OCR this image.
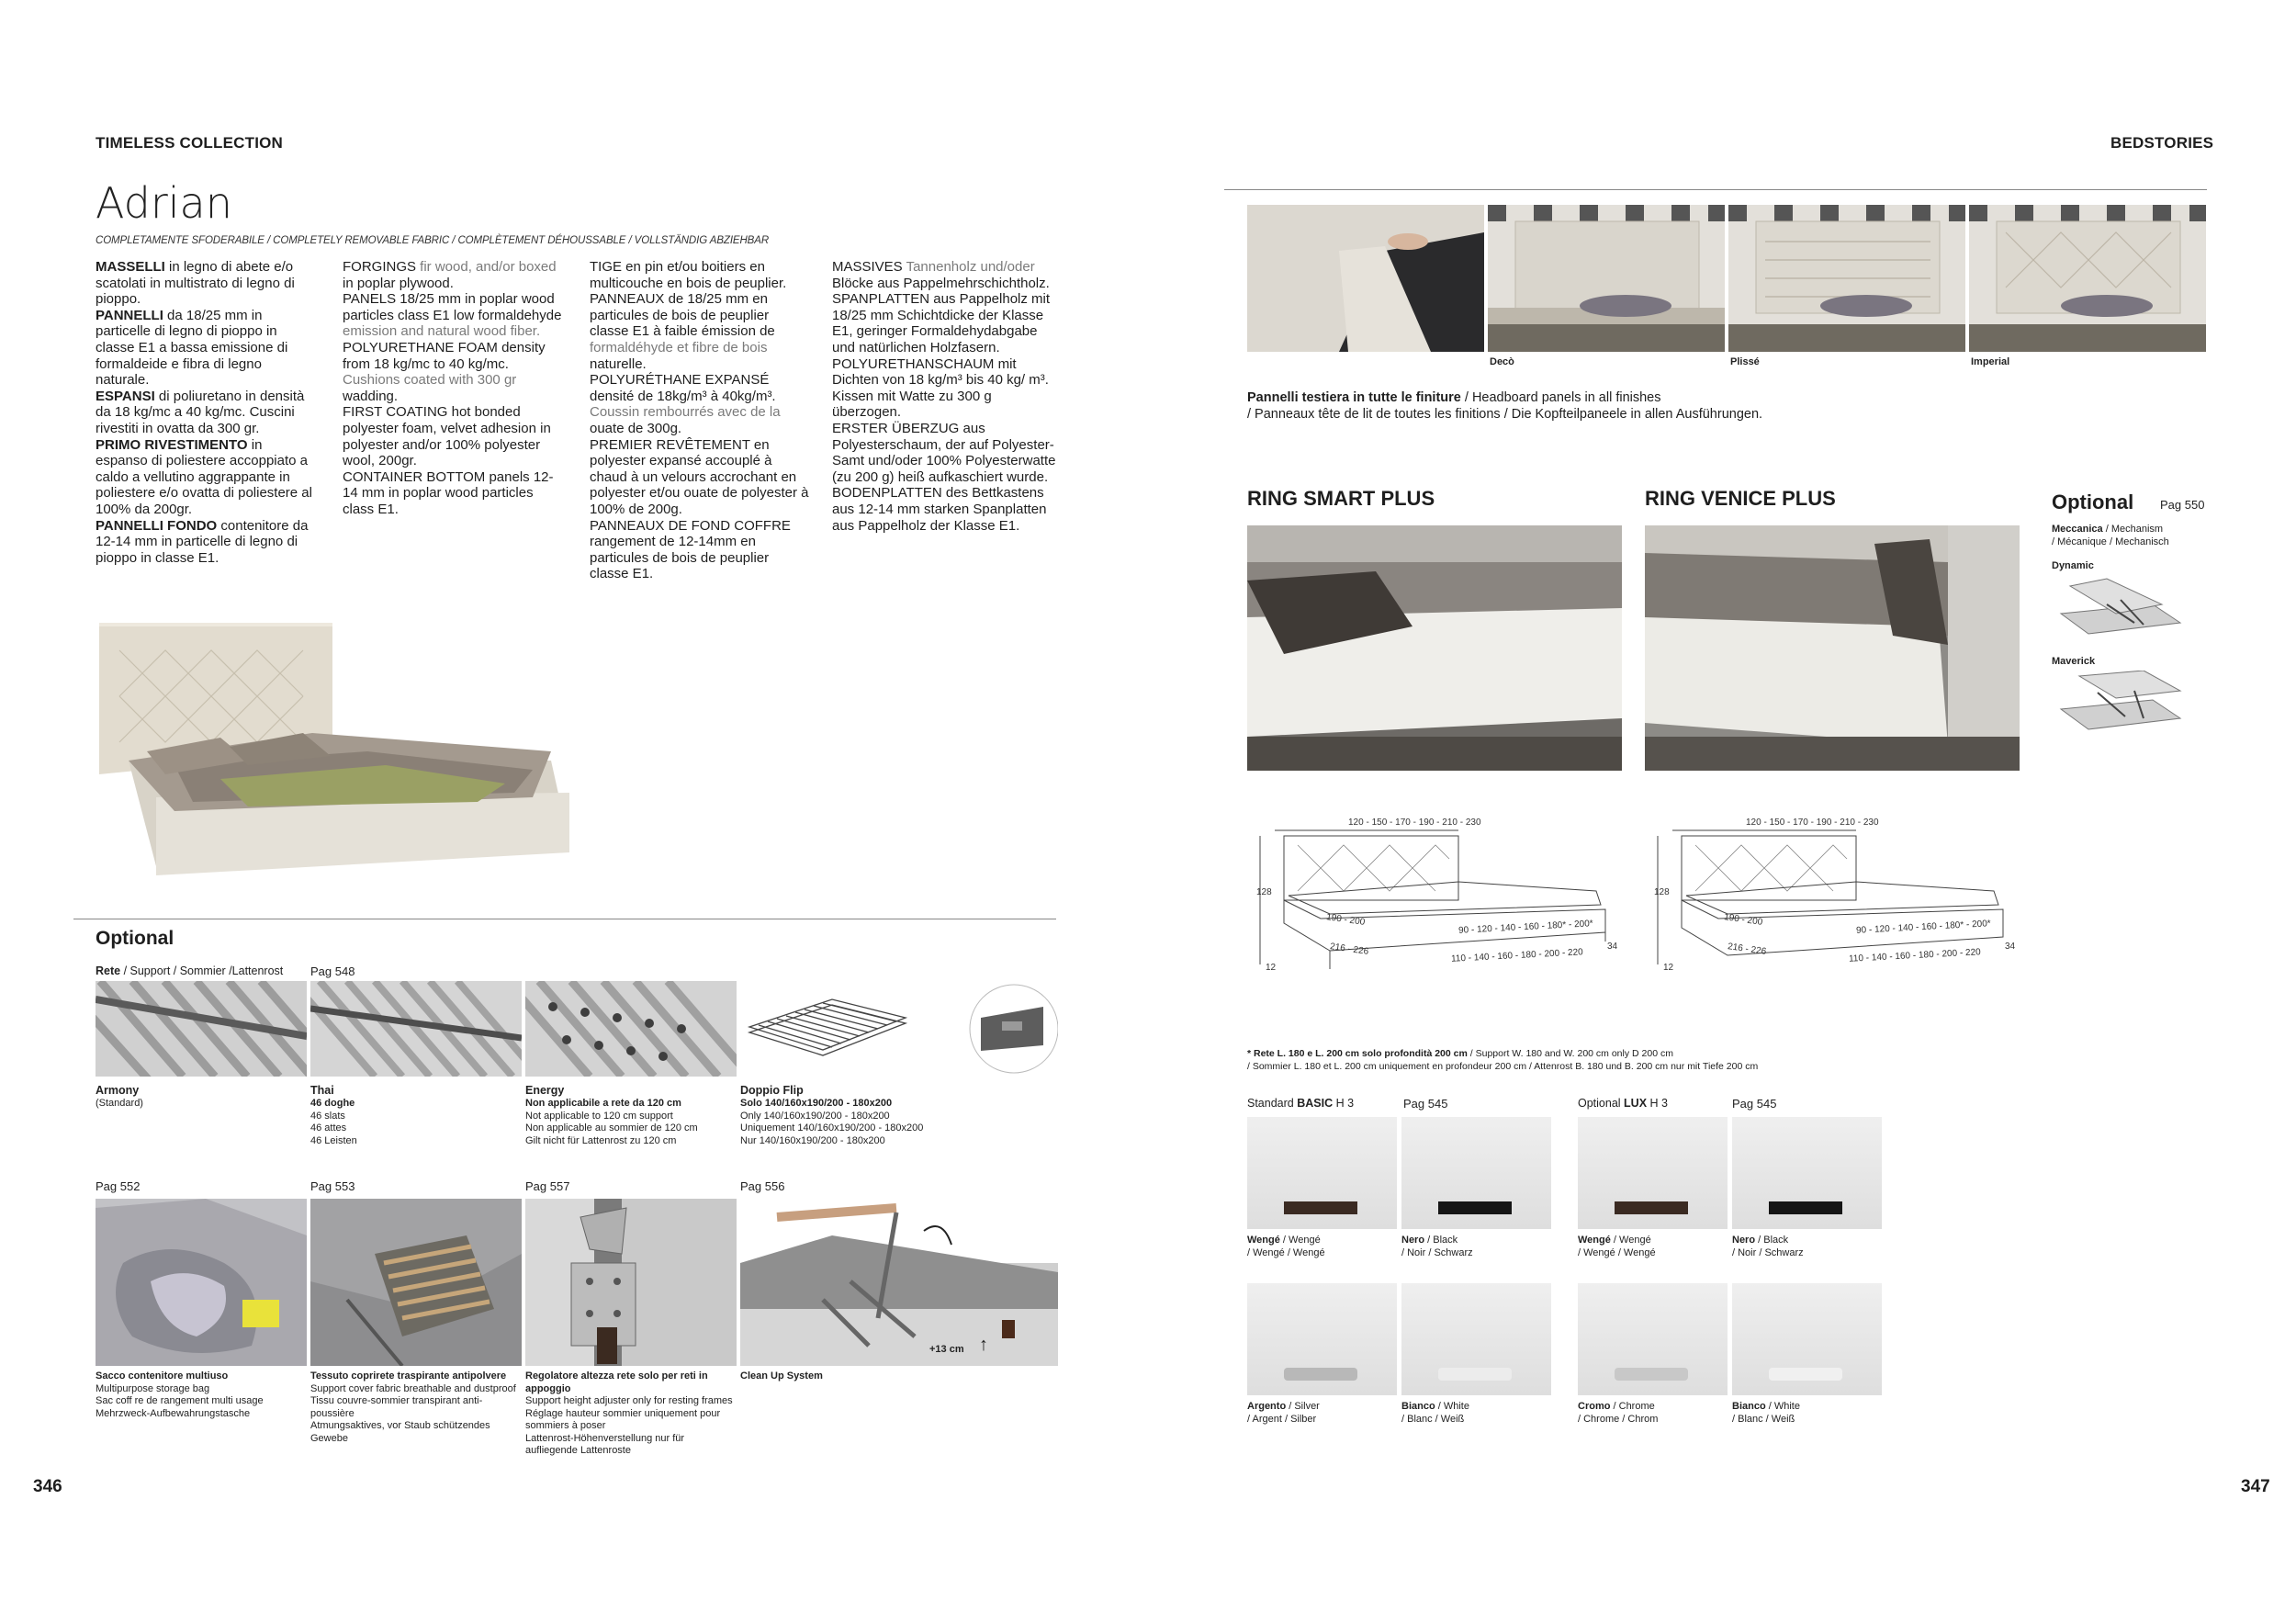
TIMELESS COLLECTION
Adrian
COMPLETAMENTE SFODERABILE / COMPLETELY REMOVABLE FABRIC / COMPLÈTEMENT DÉHOUSSABLE / VOLLSTÄNDIG ABZIEHBAR
MASSELLI in legno di abete e/o scatolati in multistrato di legno di pioppo.
PANNELLI da 18/25 mm in particelle di legno di pioppo in classe E1 a bassa emissione di formaldeide e fibra di legno naturale.
ESPANSI di poliuretano in densità da 18 kg/mc a 40 kg/mc. Cuscini rivestiti in ovatta da 300 gr.
PRIMO RIVESTIMENTO in espanso di poliestere accoppiato a caldo a vellutino aggrappante in poliestere e/o ovatta di poliestere al 100% da 200gr.
PANNELLI FONDO contenitore da 12-14 mm in particelle di legno di pioppo in classe E1.
FORGINGS fir wood, and/or boxed in poplar plywood.
PANELS 18/25 mm in poplar wood particles class E1 low formaldehyde emission and natural wood fiber.
POLYURETHANE FOAM density from 18 kg/mc to 40 kg/mc. Cushions coated with 300 gr wadding.
FIRST COATING hot bonded polyester foam, velvet adhesion in polyester and/or 100% polyester wool, 200gr.
CONTAINER BOTTOM panels 12-14 mm in poplar wood particles class E1.
TIGE en pin et/ou boitiers en multicouche en bois de peuplier.
PANNEAUX de 18/25 mm en particules de bois de peuplier classe E1 à faible émission de formaldéhyde et fibre de bois naturelle.
POLYURÉTHANE EXPANSÉ densité de 18kg/m³ à 40kg/m³. Coussin rembourrés avec de la ouate de 300g.
PREMIER REVÊTEMENT en polyester expansé accouplé à chaud à un velours accrochant en polyester et/ou ouate de polyester à 100% de 200g.
PANNEAUX DE FOND COFFRE rangement de 12-14mm en particules de bois de peuplier classe E1.
MASSIVES Tannenholz und/oder Blöcke aus Pappelmehrschichtholz.
SPANPLATTEN aus Pappelholz mit 18/25 mm Schichtdicke der Klasse E1, geringer Formaldehydabgabe und natürlichen Holzfasern.
POLYURETHANSCHAUM mit Dichten von 18 kg/m³ bis 40 kg/ m³. Kissen mit Watte zu 300 g überzogen.
ERSTER ÜBERZUG aus Polyesterschaum, der auf Polyester-Samt und/oder 100% Polyesterwatte (zu 200 g) heiß aufkaschiert wurde.
BODENPLATTEN des Bettkastens aus 12-14 mm starken Spanplatten aus Pappelholz der Klasse E1.
Optional
Rete / Support / Sommier /Lattenrost Pag 548
Armony
(Standard)
Thai
46 doghe
46 slats
46 attes
46 Leisten
Energy
Non applicabile a rete da 120 cm
Not applicable to 120 cm support
Non applicable au sommier de 120 cm
Gilt nicht für Lattenrost zu 120 cm
Doppio Flip
Solo 140/160x190/200 - 180x200
Only 140/160x190/200 - 180x200
Uniquement 140/160x190/200 - 180x200
Nur 140/160x190/200 - 180x200
Pag 552	Pag 553	Pag 557	Pag 556
+13 cm ↑
Sacco contenitore multiuso
Multipurpose storage bag
Sac coff re de rangement multi usage
Mehrzweck-Aufbewahrungstasche
Tessuto copriretе traspirante antipolvere
Support cover fabric breathable and dustproof
Tissu couvre-sommier transpirant anti-
poussière
Atmungsaktives, vor Staub schützendes
Gewebe
Regolatore altezza rete solo per reti in appoggio
Support height adjuster only for resting frames
Réglage hauteur sommier uniquement pour
sommiers à poser
Lattenrost-Höhenverstellung nur für
aufliegende Lattenroste
Clean Up System
346
BEDSTORIES
Decò	Plissé	Imperial
Pannelli testiera in tutte le finiture / Headboard panels in all finishes
/ Panneaux tête de lit de toutes les finitions / Die Kopfteilpaneele in allen Ausführungen.
RING SMART PLUS	RING VENICE PLUS	Optional Pag 550
Meccanica / Mechanism
/ Mécanique / Mechanisch
Dynamic
Maverick
120 - 150 - 170 - 190 - 210 - 230
128
12
190 - 200
216 - 226
90 - 120 - 140 - 160 - 180* - 200*
34
110 - 140 - 160 - 180 - 200 - 220
120 - 150 - 170 - 190 - 210 - 230
128
12
190 - 200
216 - 226
90 - 120 - 140 - 160 - 180* - 200*
34
110 - 140 - 160 - 180 - 200 - 220
* Rete L. 180 e L. 200 cm solo profondità 200 cm / Support W. 180 and W. 200 cm only D 200 cm
/ Sommier L. 180 et L. 200 cm uniquement en profondeur 200 cm / Attenrost B. 180 und B. 200 cm nur mit Tiefe 200 cm
Standard BASIC H 3	Pag 545	Optional LUX H 3	Pag 545
Wengé / Wengé
/ Wengé / Wengé
Nero / Black
/ Noir / Schwarz
Wengé / Wengé
/ Wengé / Wengé
Nero / Black
/ Noir / Schwarz
Argento / Silver
/ Argent / Silber
Bianco / White
/ Blanc / Weiß
Cromo / Chrome
/ Chrome / Chrom
Bianco / White
/ Blanc / Weiß
347
